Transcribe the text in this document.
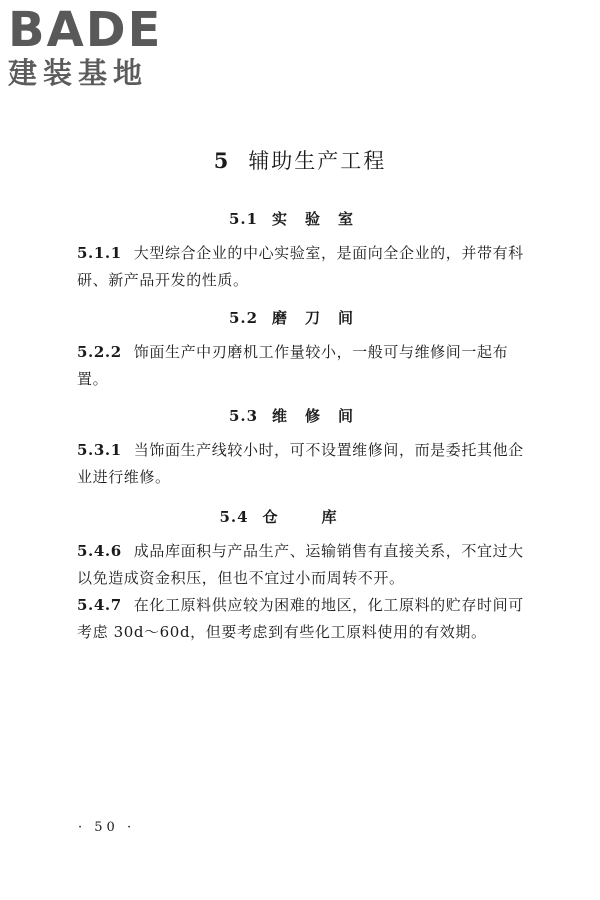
BADE
建装基地
5 辅助生产工程
5.1 实验室
5.1.1 大型综合企业的中心实验室，是面向全企业的，并带有科研、新产品开发的性质。
5.2 磨刀间
5.2.2 饰面生产中刃磨机工作量较小，一般可与维修间一起布置。
5.3 维修间
5.3.1 当饰面生产线较小时，可不设置维修间，而是委托其他企业进行维修。
5.4 仓库
5.4.6 成品库面积与产品生产、运输销售有直接关系，不宜过大以免造成资金积压，但也不宜过小而周转不开。
5.4.7 在化工原料供应较为困难的地区，化工原料的贮存时间可考虑 30d～60d，但要考虑到有些化工原料使用的有效期。
· 50 ·
